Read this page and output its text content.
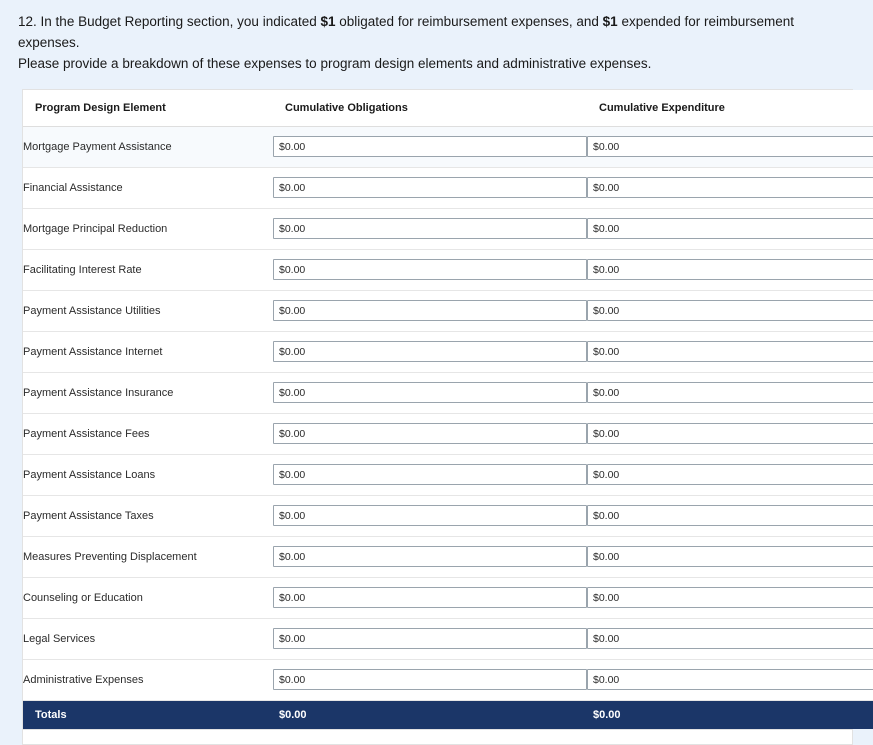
12. In the Budget Reporting section, you indicated $1 obligated for reimbursement expenses, and $1 expended for reimbursement expenses.
Please provide a breakdown of these expenses to program design elements and administrative expenses.
Program Design Element	Cumulative Obligations	Cumulative Expenditure
Mortgage Payment Assistance	$0.00	$0.00
Financial Assistance	$0.00	$0.00
Mortgage Principal Reduction	$0.00	$0.00
Facilitating Interest Rate	$0.00	$0.00
Payment Assistance Utilities	$0.00	$0.00
Payment Assistance Internet	$0.00	$0.00
Payment Assistance Insurance	$0.00	$0.00
Payment Assistance Fees	$0.00	$0.00
Payment Assistance Loans	$0.00	$0.00
Payment Assistance Taxes	$0.00	$0.00
Measures Preventing Displacement	$0.00	$0.00
Counseling or Education	$0.00	$0.00
Legal Services	$0.00	$0.00
Administrative Expenses	$0.00	$0.00
Totals	$0.00	$0.00
